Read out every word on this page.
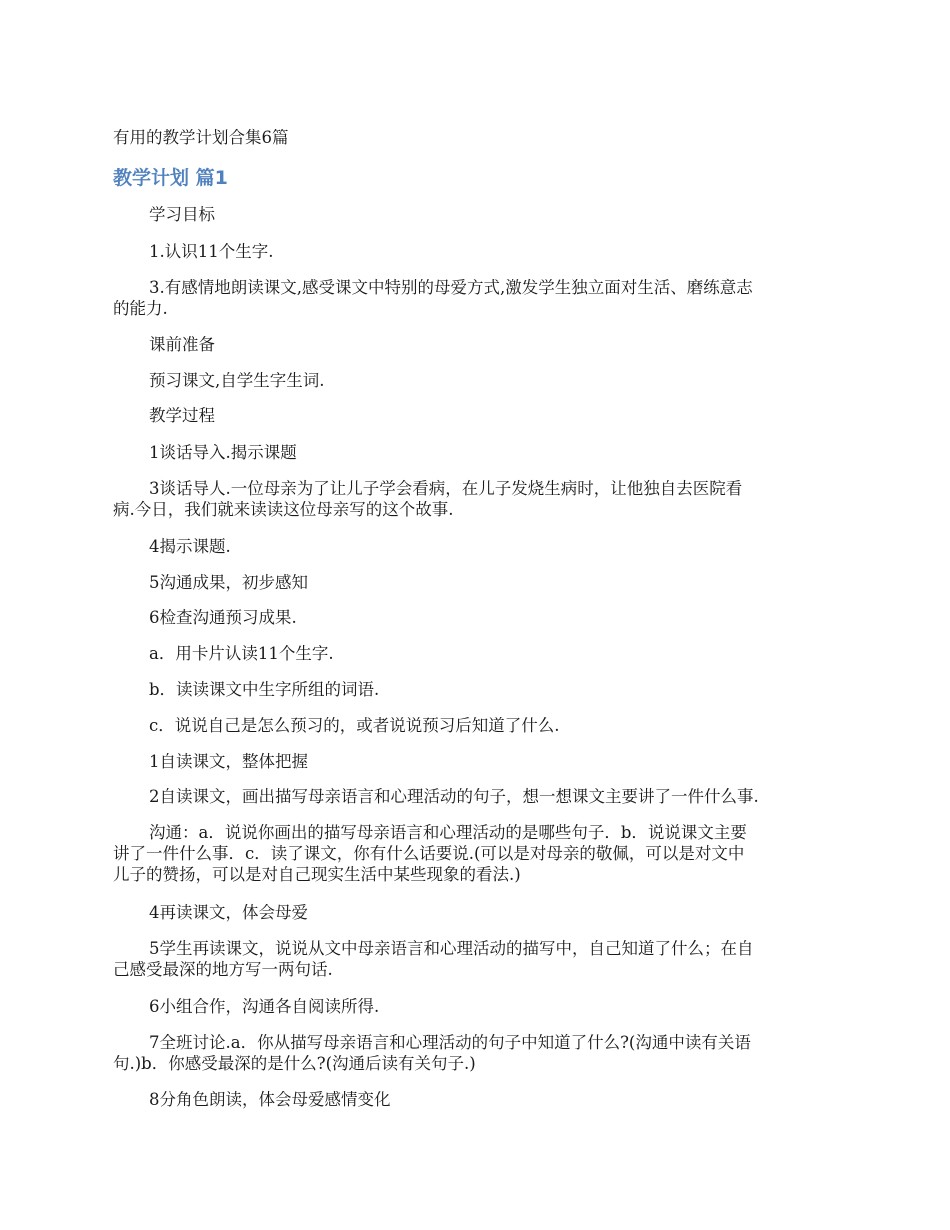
有用的教学计划合集6篇
教学计划 篇1
学习目标
1.认识11个生字.
3.有感情地朗读课文,感受课文中特别的母爱方式,激发学生独立面对生活、磨练意志
的能力.
课前准备
预习课文,自学生字生词.
教学过程
1谈话导入.揭示课题
3谈话导人.一位母亲为了让儿子学会看病，在儿子发烧生病时，让他独自去医院看
病.今日，我们就来读读这位母亲写的这个故事.
4揭示课题.
5沟通成果，初步感知
6检查沟通预习成果.
a．用卡片认读11个生字.
b．读读课文中生字所组的词语.
c．说说自己是怎么预习的，或者说说预习后知道了什么.
1自读课文，整体把握
2自读课文，画出描写母亲语言和心理活动的句子，想一想课文主要讲了一件什么事.
沟通：a．说说你画出的描写母亲语言和心理活动的是哪些句子．b．说说课文主要
讲了一件什么事．c．读了课文，你有什么话要说.(可以是对母亲的敬佩，可以是对文中
儿子的赞扬，可以是对自己现实生活中某些现象的看法.)
4再读课文，体会母爱
5学生再读课文，说说从文中母亲语言和心理活动的描写中，自己知道了什么；在自
己感受最深的地方写一两句话.
6小组合作，沟通各自阅读所得.
7全班讨论.a．你从描写母亲语言和心理活动的句子中知道了什么?(沟通中读有关语
句.)b．你感受最深的是什么?(沟通后读有关句子.)
8分角色朗读，体会母爱感情变化
